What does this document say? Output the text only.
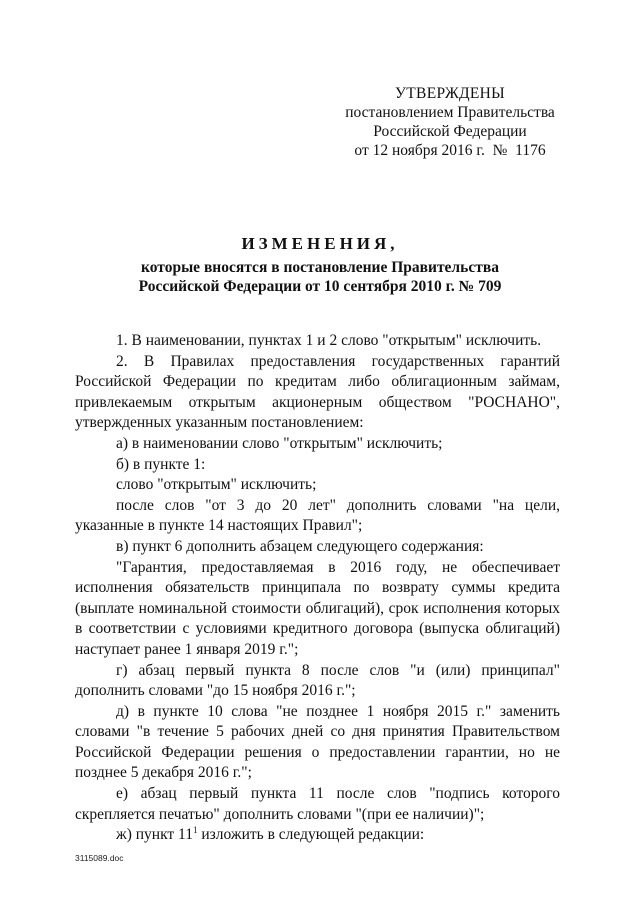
УТВЕРЖДЕНЫ
постановлением Правительства
Российской Федерации
от 12 ноября 2016 г.  №  1176
ИЗМЕНЕНИЯ,
которые вносятся в постановление Правительства
Российской Федерации от 10 сентября 2010 г. № 709

1. В наименовании, пунктах 1 и 2 слово "открытым" исключить.

2. В Правилах предоставления государственных гарантий Российской Федерации по кредитам либо облигационным займам, привлекаемым открытым акционерным обществом "РОСНАНО", утвержденных указанным постановлением:

а) в наименовании слово "открытым" исключить;

б) в пункте 1:

слово "открытым" исключить;

после слов "от 3 до 20 лет" дополнить словами "на цели, указанные в пункте 14 настоящих Правил";

в) пункт 6 дополнить абзацем следующего содержания:

"Гарантия, предоставляемая в 2016 году, не обеспечивает исполнения обязательств принципала по возврату суммы кредита (выплате номинальной стоимости облигаций), срок исполнения которых в соответствии с условиями кредитного договора (выпуска облигаций) наступает ранее 1 января 2019 г.";

г) абзац первый пункта 8 после слов "и (или) принципал" дополнить словами "до 15 ноября 2016 г.";

д) в пункте 10 слова "не позднее 1 ноября 2015 г." заменить словами "в течение 5 рабочих дней со дня принятия Правительством Российской Федерации решения о предоставлении гарантии, но не позднее 5 декабря 2016 г.";

е) абзац первый пункта 11 после слов "подпись которого скрепляется печатью" дополнить словами "(при ее наличии)";

ж) пункт $11^1$ изложить в следующей редакции:

3115089.doc
